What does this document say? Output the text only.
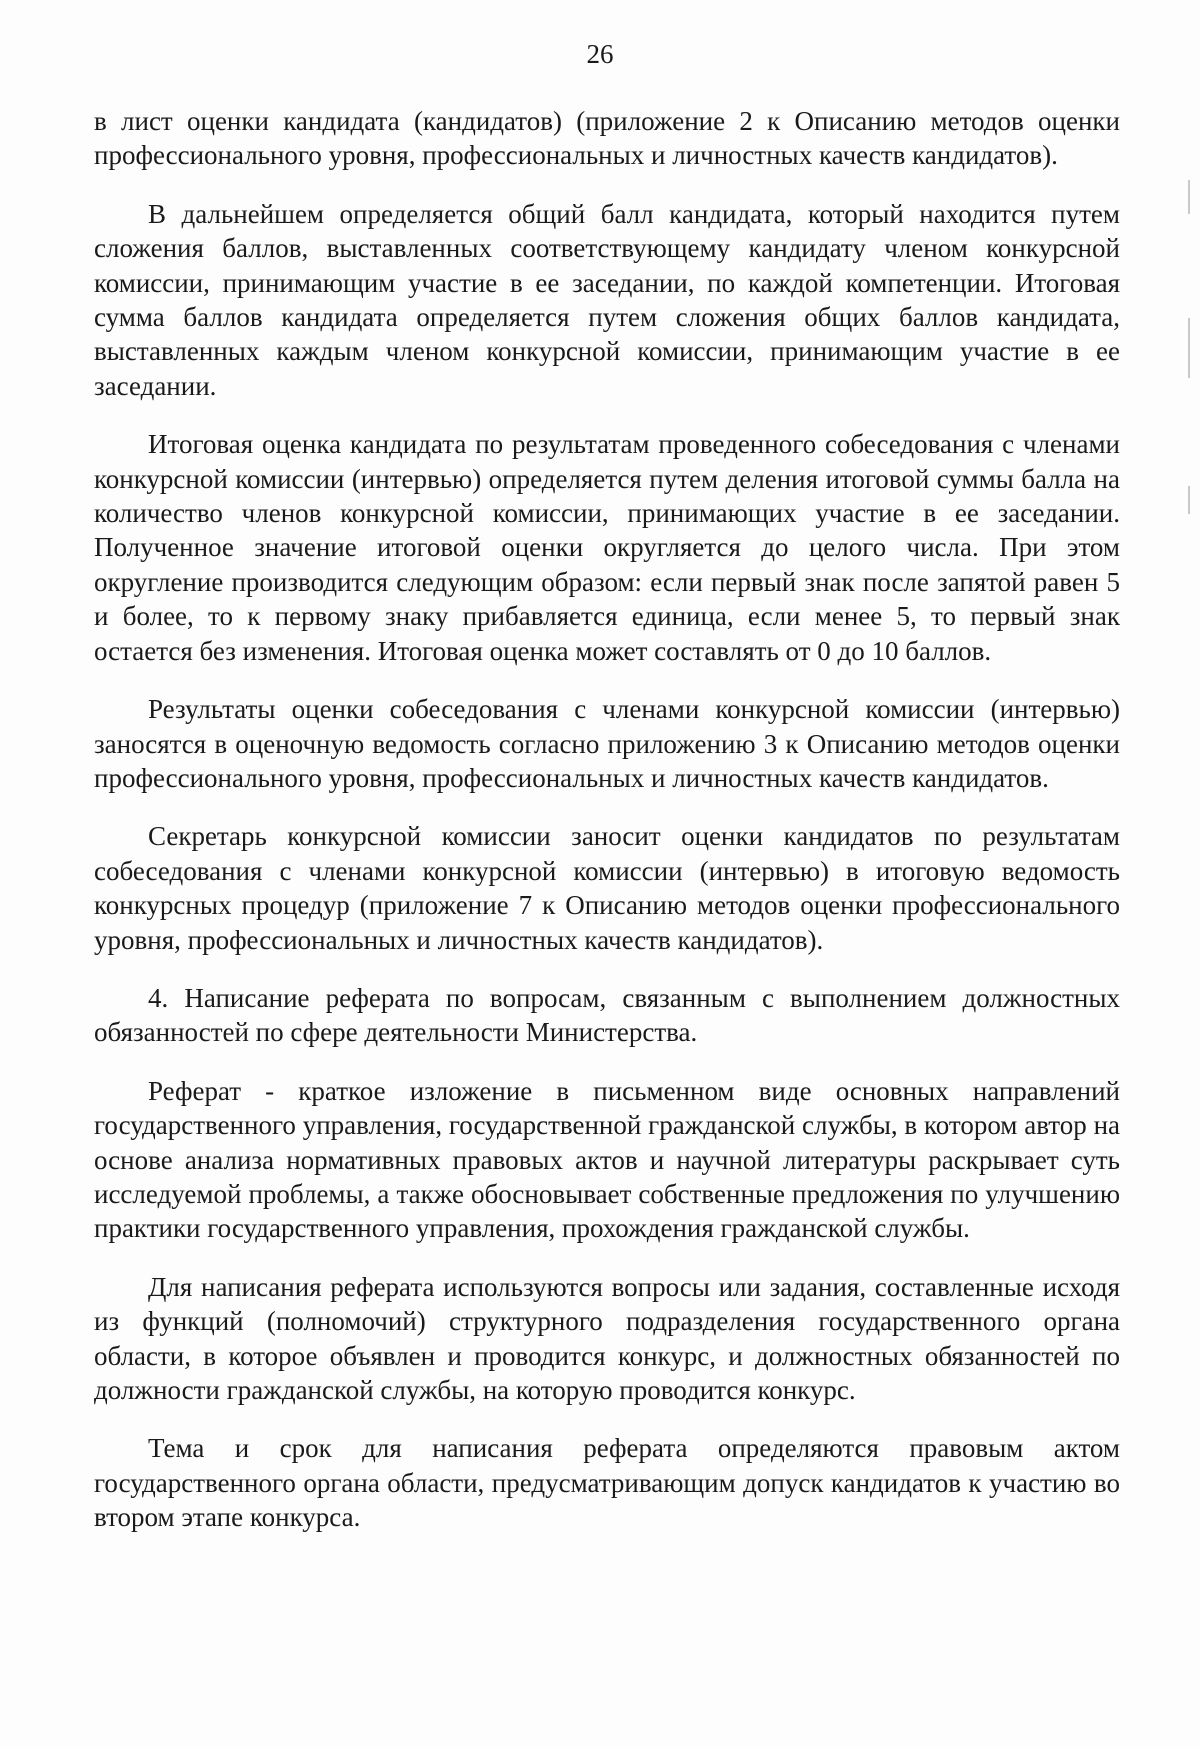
26

в лист оценки кандидата (кандидатов) (приложение 2 к Описанию методов оценки профессионального уровня, профессиональных и личностных качеств кандидатов).

В дальнейшем определяется общий балл кандидата, который находится путем сложения баллов, выставленных соответствующему кандидату членом конкурсной комиссии, принимающим участие в ее заседании, по каждой компетенции. Итоговая сумма баллов кандидата определяется путем сложения общих баллов кандидата, выставленных каждым членом конкурсной комиссии, принимающим участие в ее заседании.

Итоговая оценка кандидата по результатам проведенного собеседования с членами конкурсной комиссии (интервью) определяется путем деления итоговой суммы балла на количество членов конкурсной комиссии, принимающих участие в ее заседании. Полученное значение итоговой оценки округляется до целого числа. При этом округление производится следующим образом: если первый знак после запятой равен 5 и более, то к первому знаку прибавляется единица, если менее 5, то первый знак остается без изменения. Итоговая оценка может составлять от 0 до 10 баллов.

Результаты оценки собеседования с членами конкурсной комиссии (интервью) заносятся в оценочную ведомость согласно приложению 3 к Описанию методов оценки профессионального уровня, профессиональных и личностных качеств кандидатов.

Секретарь конкурсной комиссии заносит оценки кандидатов по результатам собеседования с членами конкурсной комиссии (интервью) в итоговую ведомость конкурсных процедур (приложение 7 к Описанию методов оценки профессионального уровня, профессиональных и личностных качеств кандидатов).

4. Написание реферата по вопросам, связанным с выполнением должностных обязанностей по сфере деятельности Министерства.

Реферат - краткое изложение в письменном виде основных направлений государственного управления, государственной гражданской службы, в котором автор на основе анализа нормативных правовых актов и научной литературы раскрывает суть исследуемой проблемы, а также обосновывает собственные предложения по улучшению практики государственного управления, прохождения гражданской службы.

Для написания реферата используются вопросы или задания, составленные исходя из функций (полномочий) структурного подразделения государственного органа области, в которое объявлен и проводится конкурс, и должностных обязанностей по должности гражданской службы, на которую проводится конкурс.

Тема и срок для написания реферата определяются правовым актом государственного органа области, предусматривающим допуск кандидатов к участию во втором этапе конкурса.
